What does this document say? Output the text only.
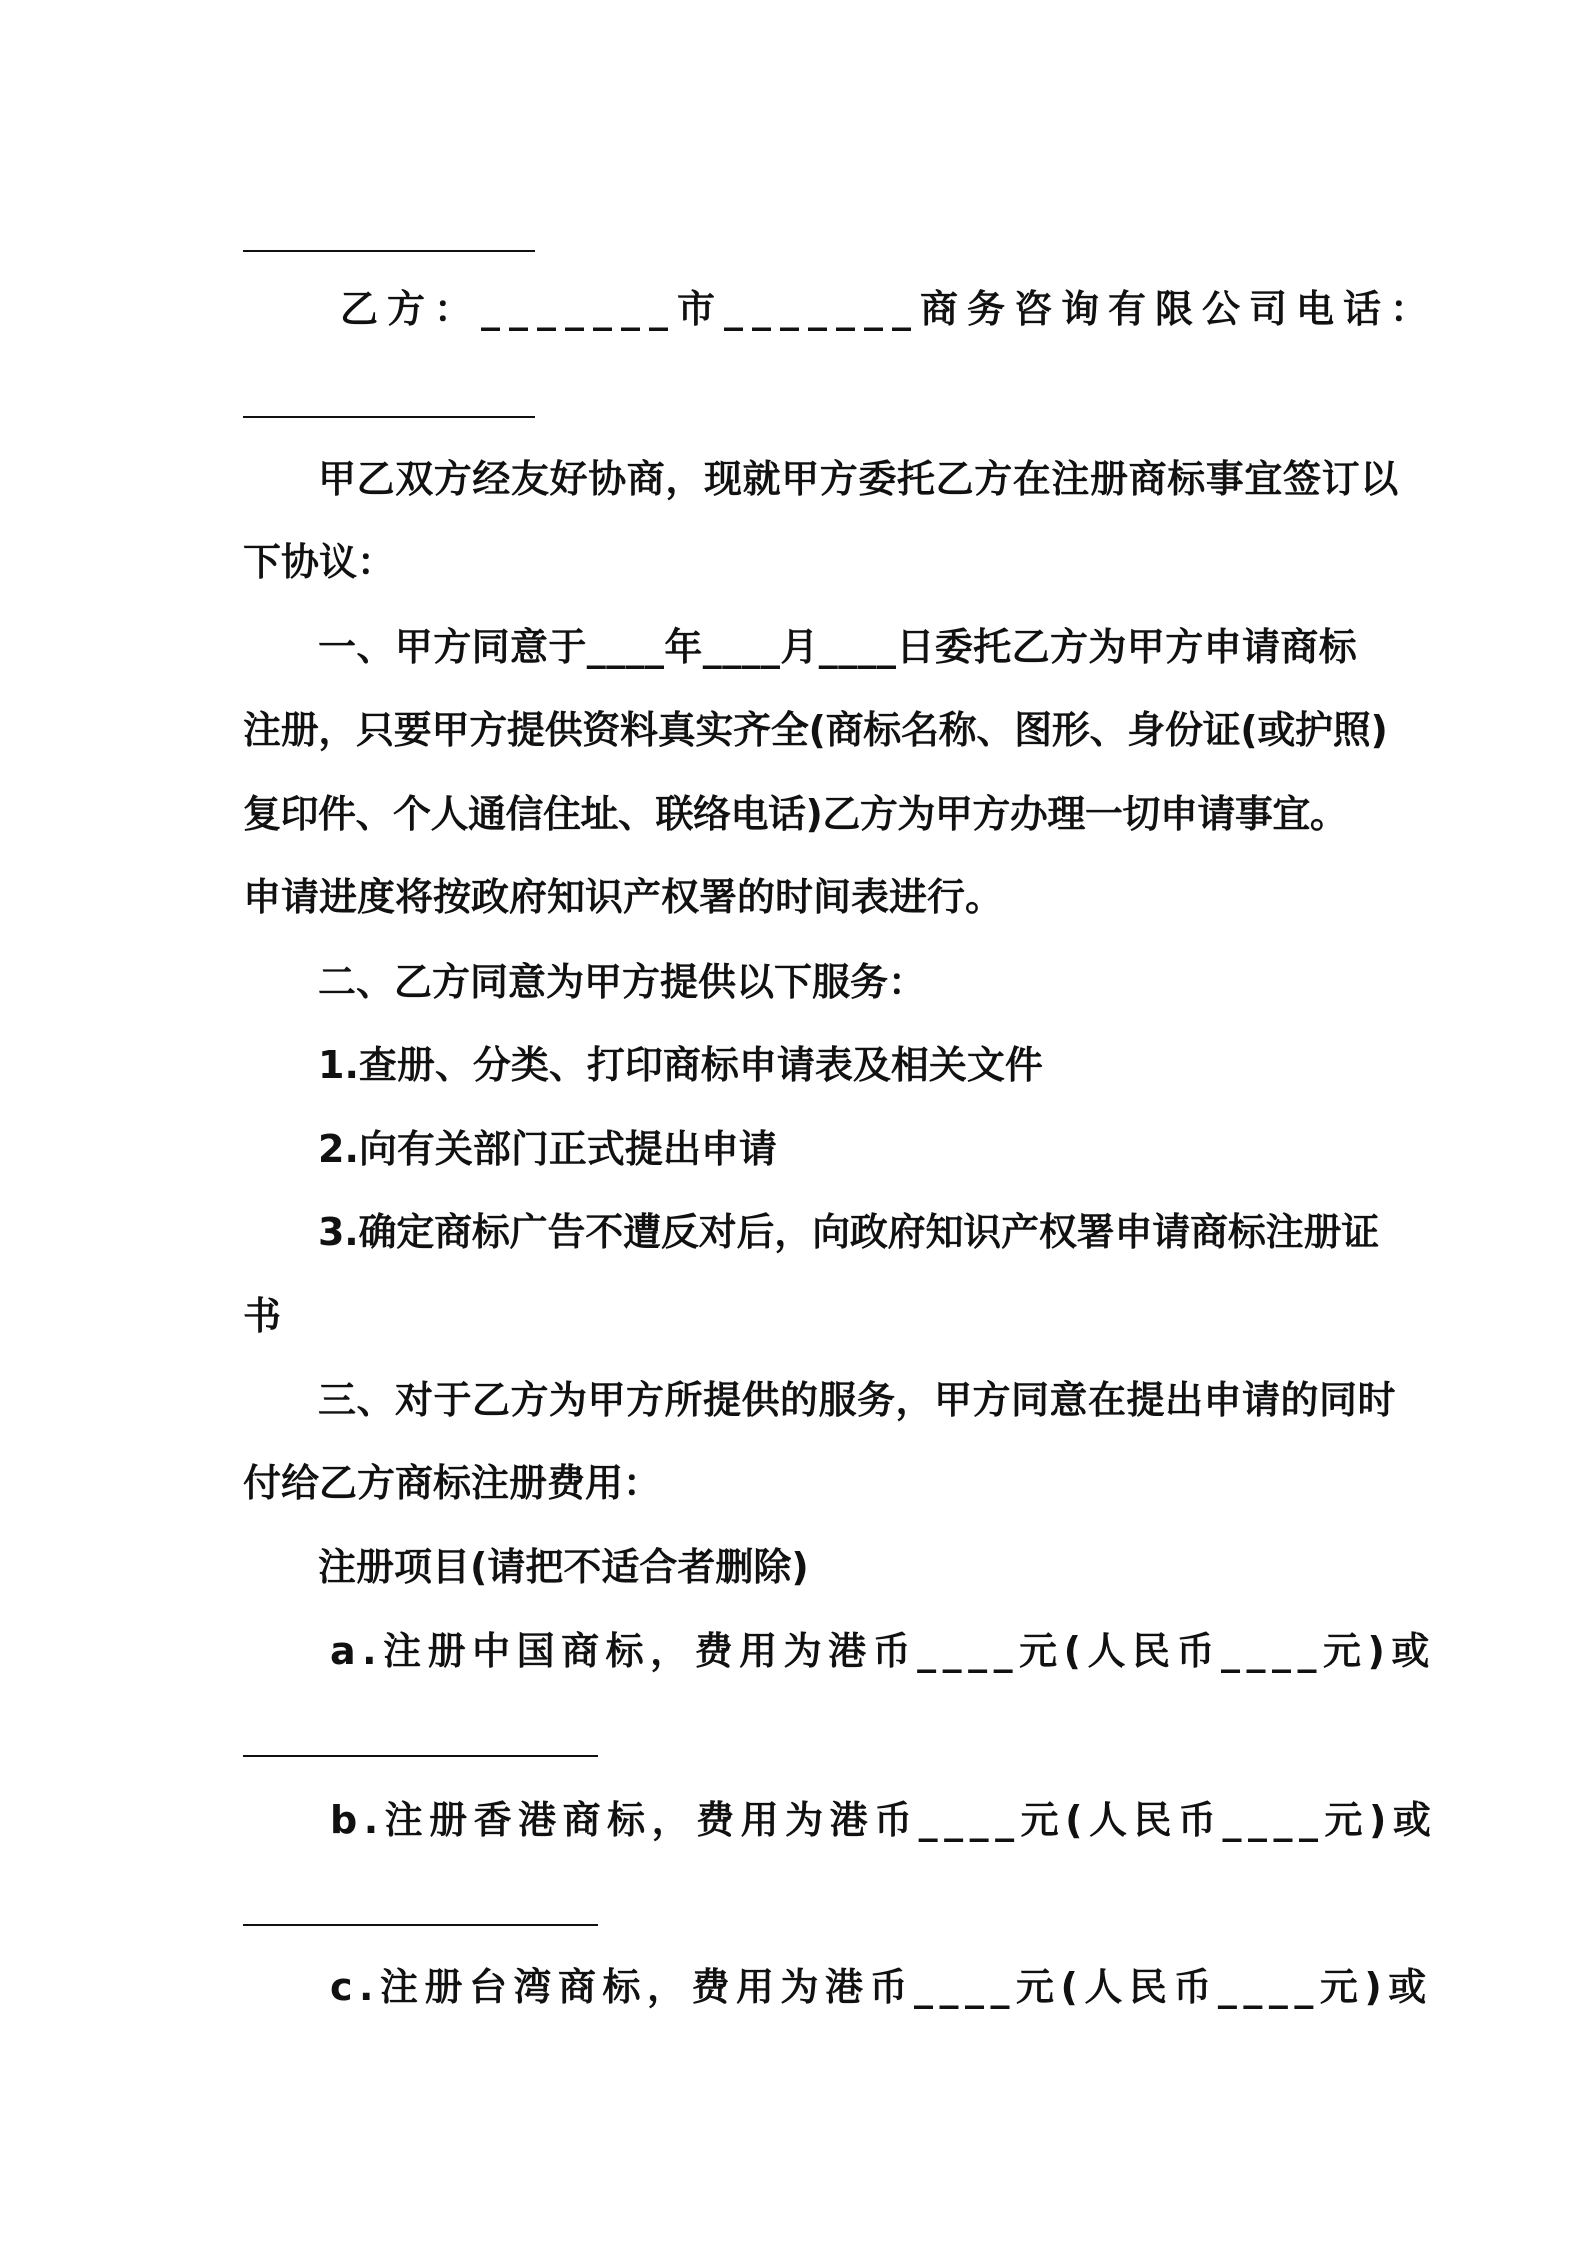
乙方：_______市_______商务咨询有限公司电话：
甲乙双方经友好协商，现就甲方委托乙方在注册商标事宜签订以
下协议：
一、甲方同意于____年____月____日委托乙方为甲方申请商标
注册，只要甲方提供资料真实齐全(商标名称、图形、身份证(或护照)
复印件、个人通信住址、联络电话)乙方为甲方办理一切申请事宜。
申请进度将按政府知识产权署的时间表进行。
二、乙方同意为甲方提供以下服务：
1.查册、分类、打印商标申请表及相关文件
2.向有关部门正式提出申请
3.确定商标广告不遭反对后，向政府知识产权署申请商标注册证
书
三、对于乙方为甲方所提供的服务，甲方同意在提出申请的同时
付给乙方商标注册费用：
注册项目(请把不适合者删除)
a.注册中国商标，费用为港币____元(人民币____元)或
b.注册香港商标，费用为港币____元(人民币____元)或
c.注册台湾商标，费用为港币____元(人民币____元)或
